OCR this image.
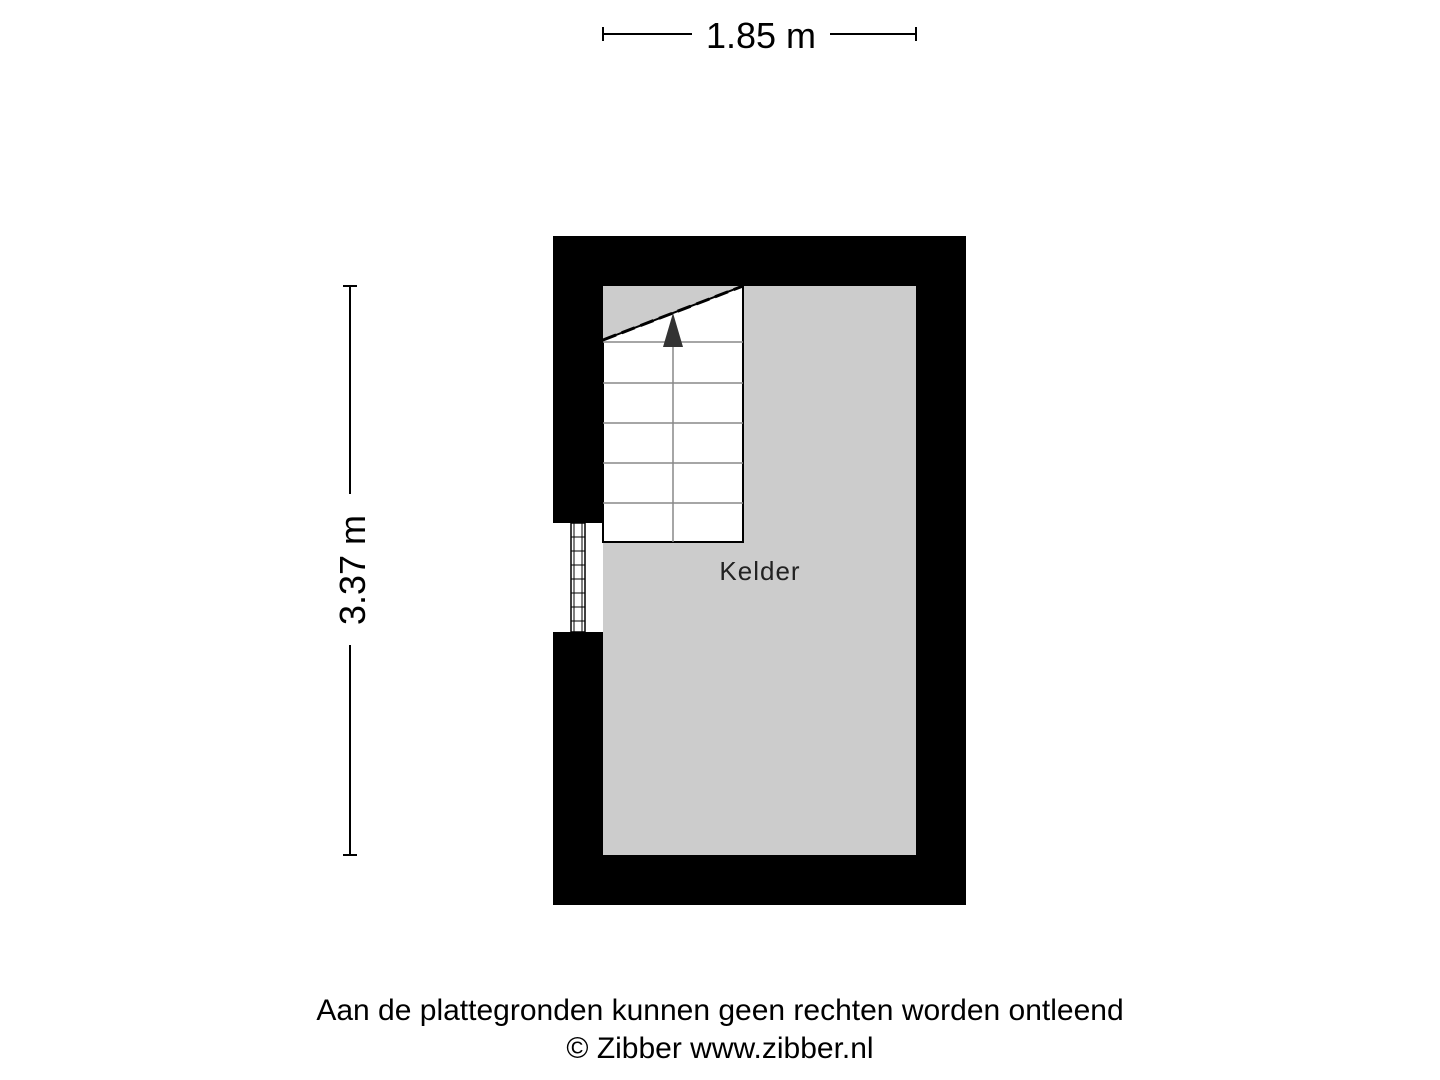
1.85 m
3.37 m	Kelder
Aan de plattegronden kunnen geen rechten worden ontleend
© Zibber www.zibber.nl
